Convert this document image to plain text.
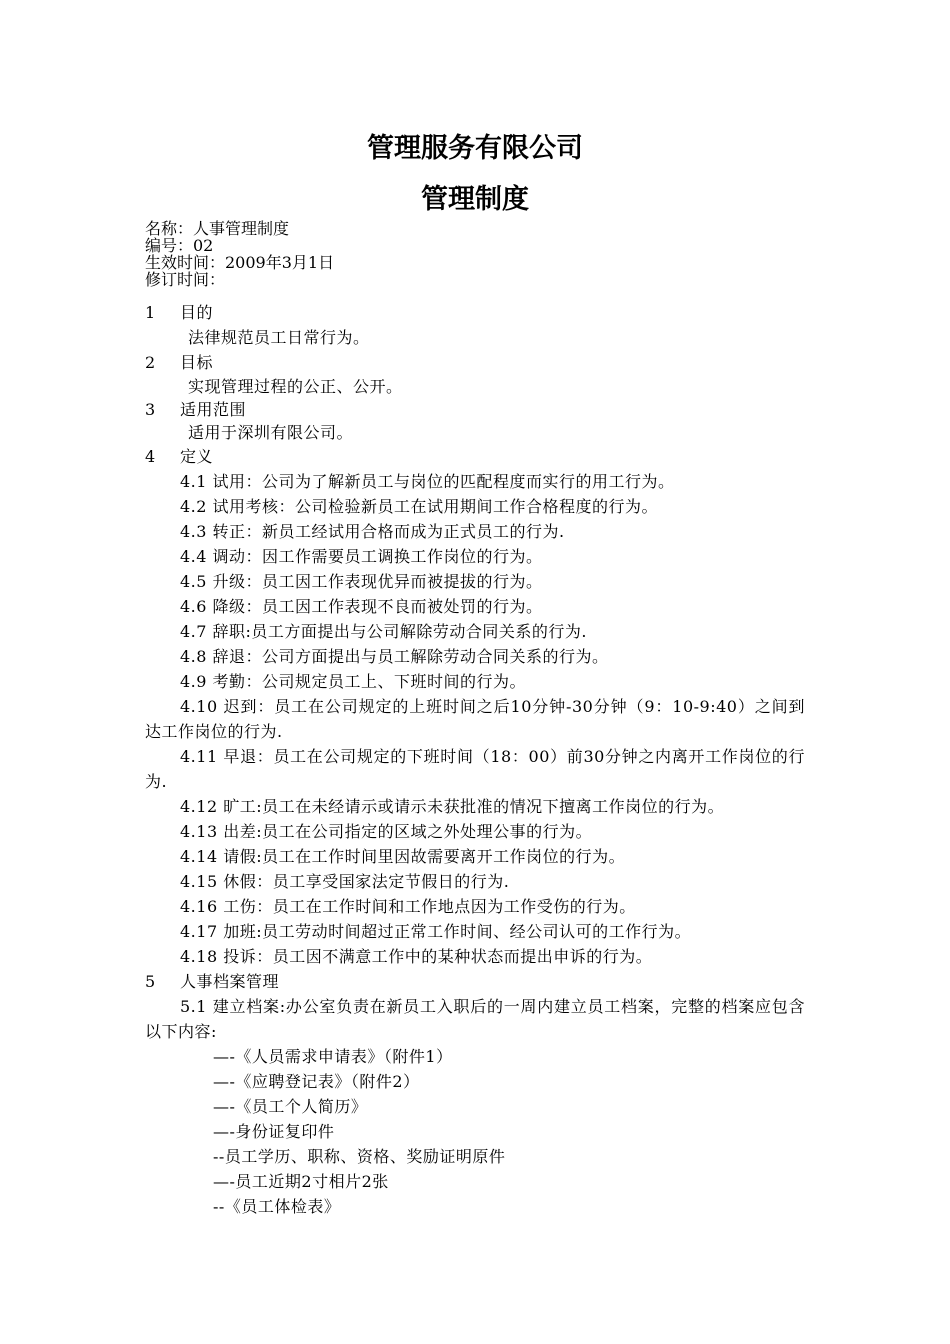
管理服务有限公司
管理制度
名称：人事管理制度
编号：02
生效时间：2009年3月1日
修订时间：

1 目的

法律规范员工日常行为。

2 目标

实现管理过程的公正、公开。

3 适用范围

适用于深圳有限公司。

4 定义

4.1 试用：公司为了解新员工与岗位的匹配程度而实行的用工行为。

4.2 试用考核：公司检验新员工在试用期间工作合格程度的行为。

4.3 转正：新员工经试用合格而成为正式员工的行为.

4.4 调动：因工作需要员工调换工作岗位的行为。

4.5 升级：员工因工作表现优异而被提拔的行为。

4.6 降级：员工因工作表现不良而被处罚的行为。

4.7 辞职:员工方面提出与公司解除劳动合同关系的行为.

4.8 辞退：公司方面提出与员工解除劳动合同关系的行为。

4.9 考勤：公司规定员工上、下班时间的行为。

4.10 迟到：员工在公司规定的上班时间之后10分钟-30分钟（9：10-9:40）之间到达工作岗位的行为.

4.11 早退：员工在公司规定的下班时间（18：00）前30分钟之内离开工作岗位的行为.

4.12 旷工:员工在未经请示或请示未获批准的情况下擅离工作岗位的行为。

4.13 出差:员工在公司指定的区域之外处理公事的行为。

4.14 请假:员工在工作时间里因故需要离开工作岗位的行为。

4.15 休假：员工享受国家法定节假日的行为.

4.16 工伤：员工在工作时间和工作地点因为工作受伤的行为。

4.17 加班:员工劳动时间超过正常工作时间、经公司认可的工作行为。

4.18 投诉：员工因不满意工作中的某种状态而提出申诉的行为。

5 人事档案管理

5.1 建立档案:办公室负责在新员工入职后的一周内建立员工档案，完整的档案应包含以下内容:

—-《人员需求申请表》（附件1）

—-《应聘登记表》（附件2）

—-《员工个人简历》

—-身份证复印件

--员工学历、职称、资格、奖励证明原件

—-员工近期2寸相片2张

--《员工体检表》
